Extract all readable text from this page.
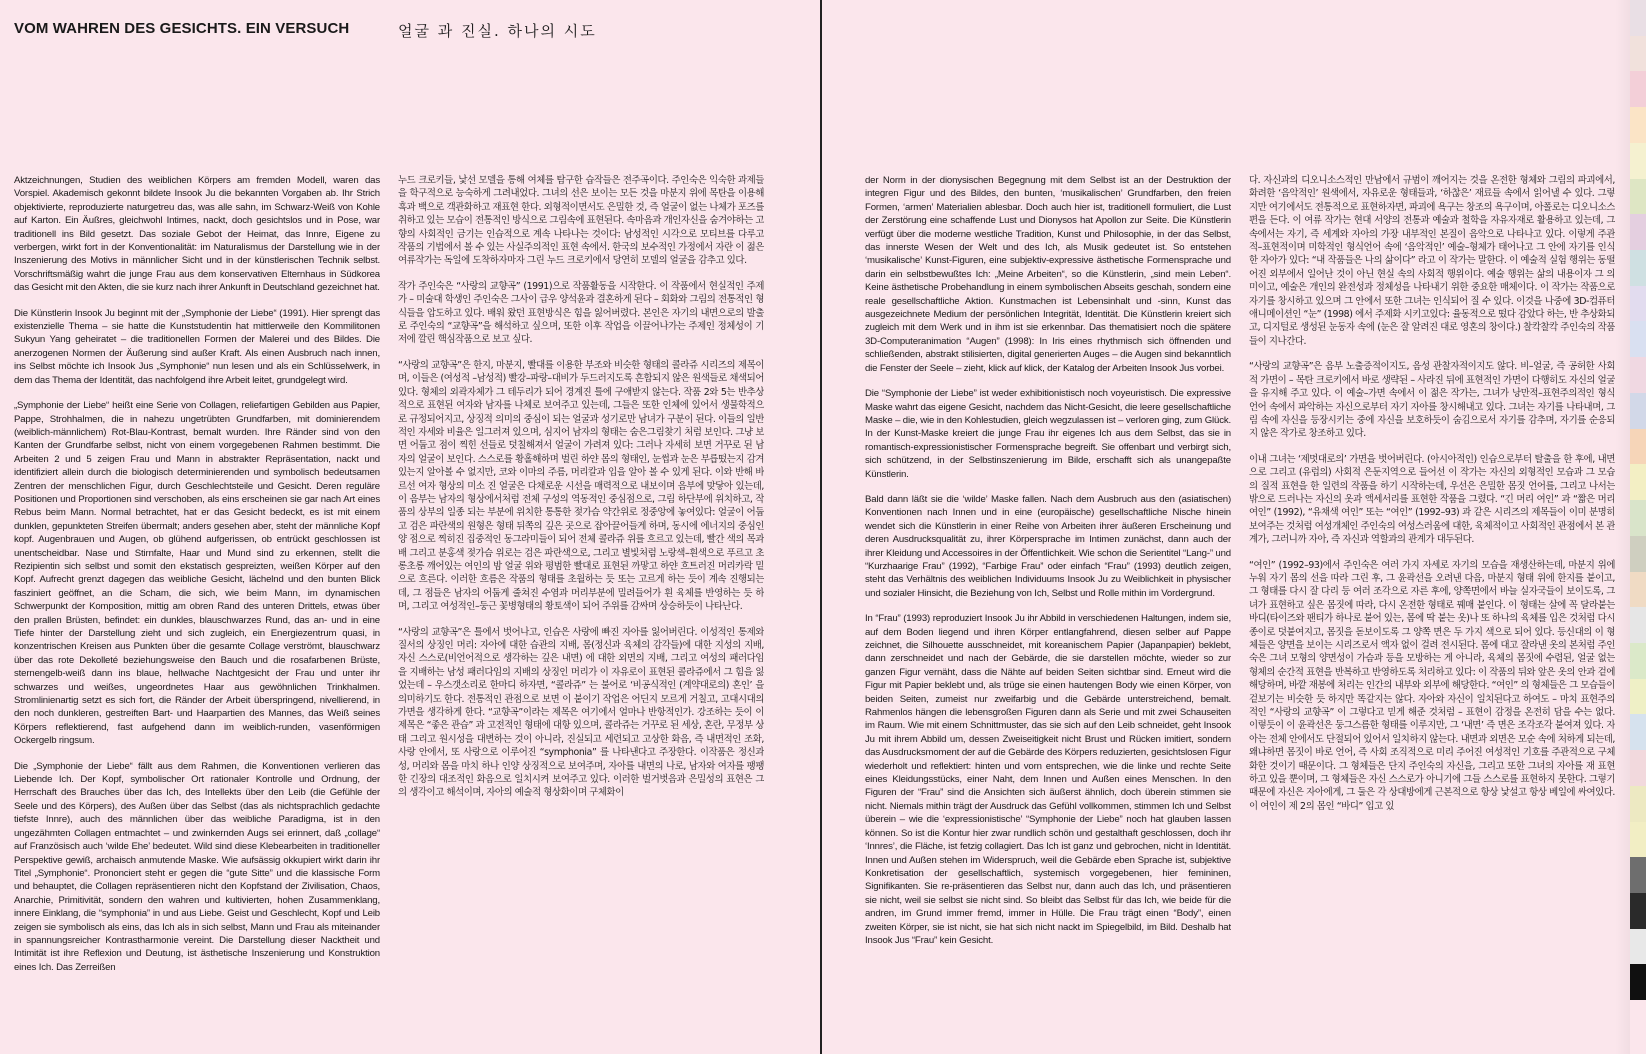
VOM WAHREN DES GESICHTS. EIN VERSUCH	얼굴 과 진실. 하나의 시도

Aktzeichnungen, Studien des weiblichen Körpers am fremden Modell, waren das Vorspiel. Akademisch gekonnt bildete Insook Ju die bekannten Vorgaben ab. Ihr Strich objektivierte, reproduzierte naturgetreu das, was alle sahn, im Schwarz-Weiß von Kohle auf Karton. Ein Äußres, gleichwohl Intimes, nackt, doch gesichtslos und in Pose, war traditionell ins Bild gesetzt. Das soziale Gebot der Heimat, das Innre, Eigene zu verbergen, wirkt fort in der Konventionalität: im Naturalismus der Darstellung wie in der Inszenierung des Motivs in männlicher Sicht und in der künstlerischen Technik selbst. Vorschriftsmäßig wahrt die junge Frau aus dem konservativen Elternhaus in Südkorea das Gesicht mit den Akten, die sie kurz nach ihrer Ankunft in Deutschland gezeichnet hat.

Die Künstlerin Insook Ju beginnt mit der „Symphonie der Liebe“ (1991). Hier sprengt das existenzielle Thema – sie hatte die Kunststudentin hat mittlerweile den Kommilitonen Sukyun Yang geheiratet – die traditionellen Formen der Malerei und des Bildes. Die anerzogenen Normen der Äußerung sind außer Kraft. Als einen Ausbruch nach innen, ins Selbst möchte ich Insook Jus „Symphonie“ nun lesen und als ein Schlüsselwerk, in dem das Thema der Identität, das nachfolgend ihre Arbeit leitet, grundgelegt wird.

„Symphonie der Liebe“ heißt eine Serie von Collagen, reliefartigen Gebilden aus Papier, Pappe, Strohhalmen, die in nahezu ungetrübten Grundfarben, mit dominierendem (weiblich-männlichem) Rot-Blau-Kontrast, bemalt wurden. Ihre Ränder sind von den Kanten der Grundfarbe selbst, nicht von einem vorgegebenen Rahmen bestimmt. Die Arbeiten 2 und 5 zeigen Frau und Mann in abstrakter Repräsentation, nackt und identifiziert allein durch die biologisch determinierenden und symbolisch bedeutsamen Zentren der menschlichen Figur, durch Geschlechtsteile und Gesicht. Deren reguläre Positionen und Proportionen sind verschoben, als eins erscheinen sie gar nach Art eines Rebus beim Mann. Normal betrachtet, hat er das Gesicht bedeckt, es ist mit einem dunklen, gepunkteten Streifen übermalt; anders gesehen aber, steht der männliche Kopf kopf. Augenbrauen und Augen, ob glühend aufgerissen, ob entrückt geschlossen ist unentscheidbar. Nase und Stirnfalte, Haar und Mund sind zu erkennen, stellt die Rezipientin sich selbst und somit den ekstatisch gespreizten, weißen Körper auf den Kopf. Aufrecht grenzt dagegen das weibliche Gesicht, lächelnd und den bunten Blick fasziniert geöffnet, an die Scham, die sich, wie beim Mann, im dynamischen Schwerpunkt der Komposition, mittig am obren Rand des unteren Drittels, etwas über den prallen Brüsten, befindet: ein dunkles, blauschwarzes Rund, das an- und in eine Tiefe hinter der Darstellung zieht und sich zugleich, ein Energiezentrum quasi, in konzentrischen Kreisen aus Punkten über die gesamte Collage verströmt, blauschwarz über das rote Dekolleté beziehungsweise den Bauch und die rosafarbenen Brüste, sternengelb-weiß dann ins blaue, hellwache Nachtgesicht der Frau und unter ihr schwarzes und weißes, ungeordnetes Haar aus gewöhnlichen Trinkhalmen. Stromlinienartig setzt es sich fort, die Ränder der Arbeit überspringend, nivellierend, in den noch dunkleren, gestreiften Bart- und Haarpartien des Mannes, das Weiß seines Körpers reflektierend, fast aufgehend dann im weiblich-runden, vasenförmigen Ockergelb ringsum.

Die „Symphonie der Liebe“ fällt aus dem Rahmen, die Konventionen verlieren das Liebende Ich. Der Kopf, symbolischer Ort rationaler Kontrolle und Ordnung, der Herrschaft des Brauches über das Ich, des Intellekts über den Leib (die Gefühle der Seele und des Körpers), des Außen über das Selbst (das als nichtsprachlich gedachte tiefste Innre), auch des männlichen über das weibliche Paradigma, ist in den ungezähmten Collagen entmachtet – und zwinkernden Augs sei erinnert, daß „collage“ auf Französisch auch ‘wilde Ehe’ bedeutet. Wild sind diese Klebearbeiten in traditioneller Perspektive gewiß, archaisch anmutende Maske. Wie aufsässig okkupiert wirkt darin ihr Titel „Symphonie“. Prononciert steht er gegen die “gute Sitte” und die klassische Form und behauptet, die Collagen repräsentieren nicht den Kopfstand der Zivilisation, Chaos, Anarchie, Primitivität, sondern den wahren und kultivierten, hohen Zusammenklang, innere Einklang, die “symphonia” in und aus Liebe. Geist und Geschlecht, Kopf und Leib zeigen sie symbolisch als eins, das Ich als in sich selbst, Mann und Frau als miteinander in spannungsreicher Kontrastharmonie vereint. Die Darstellung dieser Nacktheit und Intimität ist ihre Reflexion und Deutung, ist ästhetische Inszenierung und Konstruktion eines Ich. Das Zerreißen

누드 크로키들, 낯선 모델을 통해 여체를 탐구한 습작들은 전주곡이다. 주인숙은 익숙한 과제들을 학구적으로 능숙하게 그려내었다. 그녀의 선은 보이는 모든 것을 마분지 위에 목탄을 이용해 흑과 백으로 객관화하고 재표현 한다. 외형적이면서도 은밀한 것, 즉 얼굴이 없는 나체가 포즈를 취하고 있는 모습이 전통적인 방식으로 그림속에 표현된다. 속마음과 개인자신을 숨겨야하는 고향의 사회적인 금기는 인습적으로 계속 나타나는 것이다: 남성적인 시각으로 모티브를 다루고 작품의 기법에서 볼 수 있는 사실주의적인 표현 속에서. 한국의 보수적인 가정에서 자란 이 젊은 여류작가는 독일에 도착하자마자 그린 누드 크로키에서 당연히 모델의 얼굴을 감추고 있다.

작가 주인숙은 “사랑의 교향곡” (1991)으로 작품활동을 시작한다. 이 작품에서 현실적인 주제가 – 미술대 학생인 주인숙은 그사이 급우 양석윤과 결혼하게 된다 – 회화와 그림의 전통적인 형식들을 압도하고 있다. 배워 왔던 표현방식은 힘을 잃어버렸다. 본인은 자기의 내면으로의 발출로 주인숙의 “교향곡”을 해석하고 싶으며, 또한 이후 작업을 이끌어나가는 주제인 정체성이 기저에 깔린 핵심작품으로 보고 싶다.

“사랑의 교향곡”은 한지, 마분지, 빨대를 이용한 부조와 비슷한 형태의 콜라쥬 시리즈의 제목이며, 이들은 (여성적 –남성적) 빨강–파랑–대비가 두드러지도록 흔합되지 않은 원색들로 채색되어 있다. 형체의 외곽자체가 그 테두리가 되어 경계진 틀에 구애받지 않는다. 작품 2와 5는 반추상적으로 표현된 여자와 남자를 나체로 보여주고 있는데, 그들은 또한 인체에 있어서 생물학적으로 규정되어지고, 상징적 의미의 중심이 되는 얼굴과 성기로만 남녀가 구분이 된다. 이들의 일반적인 자세와 비율은 일그러져 있으며, 심지어 남자의 형태는 숨은그림찾기 처럼 보인다. 그냥 보면 어둡고 점이 찍힌 선들로 덧칠해져서 얼굴이 가려져 있다: 그러나 자세히 보면 거꾸로 된 남자의 얼굴이 보인다. 스스로를 황홀해하며 벌린 하얀 몸의 형태인, 눈썹과 눈은 부릅떴는지 감겨있는지 알아볼 수 없지만, 코와 이마의 주름, 머리칼과 입을 알아 볼 수 있게 된다. 이와 반해 바르선 여자 형상의 미소 진 얼굴은 다채로운 시선을 매력적으로 내보이며 음부에 맞닿아 있는데, 이 음부는 남자의 형상에서처럼 전체 구성의 역동적인 중심점으로, 그림 하단부에 위치하고, 작품의 상부의 일종 되는 부분에 위치한 통통한 젖가슴 약간위로 정중앙에 놓여있다: 얼굴이 어둡고 검은 파란색의 원형은 형태 뒤쪽의 깊은 곳으로 잡아끌어들게 하며, 동시에 에너지의 중심인양 점으로 찍히진 집중적인 동그라미들이 되어 전체 콜라쥬 위를 흐르고 있는데, 빨간 색의 목과 배 그리고 분홍색 젖가슴 위로는 검은 파란색으로, 그리고 별빛처럼 노랑색–흰색으로 푸르고 초롱초롱 깨어있는 여인의 밤 얼굴 위와 평범한 빨대로 표현된 까맣고 하얀 흐트러진 머리카락 밑으로 흐른다. 이러한 흐름은 작품의 형태를 초월하는 듯 또는 고르게 하는 듯이 계속 진행되는데, 그 점들은 남자의 어둡게 줄쳐진 수염과 머리부분에 밀려들어가 흰 육체를 반영하는 듯 하며, 그리고 여성적인–둥근 꽃병형태의 황토색이 되어 주위를 감싸며 상승하듯이 나타난다.

“사랑의 교향곡”은 틀에서 벗어나고, 인습은 사랑에 빠진 자아를 잃어버린다. 이성적인 통제와 질서의 상징인 머리: 자아에 대한 습관의 지배, 몸(정신과 육체의 감각들)에 대한 지성의 지배, 자신 스스로(비언어적으로 생각하는 깊은 내면) 에 대한 외면의 지배, 그리고 여성의 패러다임을 지배하는 남성 패러다임의 지배의 상징인 머리가 이 자유로이 표현된 콜라쥬에서 그 힘을 잃었는데 – 우스갯소리로 한마디 하자면, “콜라쥬” 는 불어로 ‘비공식적인 (계약대로의) 혼인’ 을 의미하기도 한다. 전통적인 관점으로 보면 이 붙이기 작업은 어딘지 모르게 거칠고, 고대시대의 가면을 생각하게 한다. “교향곡”이라는 제목은 여기에서 얼마나 반항적인가. 강조하는 듯이 이 제목은 “좋은 관습” 과 고전적인 형태에 대항 있으며, 콜라쥬는 거꾸로 된 세상, 혼란, 무정부 상태 그리고 원시성을 대변하는 것이 아니라, 진실되고 세련되고 고상한 화음, 즉 내면적인 조화, 사랑 안에서, 또 사랑으로 이루어진 “symphonia” 를 나타낸다고 주장한다. 이작품은 정신과 성, 머리와 몸을 마치 하나 인양 상징적으로 보여주며, 자아를 내면의 나로, 남자와 여자를 팽팽한 긴장의 대조적인 화음으로 일치시켜 보여주고 있다. 이러한 벌거벗음과 은밀성의 표현은 그의 생각이고 해석이며, 자아의 예술적 형상화이며 구체화이

der Norm in der dionysischen Begegnung mit dem Selbst ist an der Destruktion der integren Figur und des Bildes, den bunten, ‘musikalischen’ Grundfarben, den freien Formen, ‘armen’ Materialien ablesbar. Doch auch hier ist, traditionell formuliert, die Lust der Zerstörung eine schaffende Lust und Dionysos hat Apollon zur Seite. Die Künstlerin verfügt über die moderne westliche Tradition, Kunst und Philosophie, in der das Selbst, das innerste Wesen der Welt und des Ich, als Musik gedeutet ist. So entstehen ‘musikalische’ Kunst-Figuren, eine subjektiv-expressive ästhetische Formensprache und darin ein selbstbewußtes Ich: „Meine Arbeiten“, so die Künstlerin, „sind mein Leben“. Keine ästhetische Probehandlung in einem symbolischen Abseits geschah, sondern eine reale gesellschaftliche Aktion. Kunstmachen ist Lebensinhalt und -sinn, Kunst das ausgezeichnete Medium der persönlichen Integrität, Identität. Die Künstlerin kreiert sich zugleich mit dem Werk und in ihm ist sie erkennbar. Das thematisiert noch die spätere 3D-Computeranimation “Augen” (1998): In Iris eines rhythmisch sich öffnenden und schließenden, abstrakt stilisierten, digital generierten Auges – die Augen sind bekanntlich die Fenster der Seele – zieht, klick auf klick, der Katalog der Arbeiten Insook Jus vorbei.

Die “Symphonie der Liebe” ist weder exhibitionistisch noch voyeuristisch. Die expressive Maske wahrt das eigene Gesicht, nachdem das Nicht-Gesicht, die leere gesellschaftliche Maske – die, wie in den Kohlestudien, gleich wegzulassen ist – verloren ging, zum Glück. In der Kunst-Maske kreiert die junge Frau ihr eigenes Ich aus dem Selbst, das sie in romantisch-expressionistischer Formensprache begreift. Sie offenbart und verbirgt sich, sich schützend, in der Selbstinszenierung im Bilde, erschafft sich als unangepaßte Künstlerin.

Bald dann läßt sie die ‘wilde’ Maske fallen. Nach dem Ausbruch aus den (asiatischen) Konventionen nach Innen und in eine (europäische) gesellschaftliche Nische hinein wendet sich die Künstlerin in einer Reihe von Arbeiten ihrer äußeren Erscheinung und deren Ausdrucksqualität zu, ihrer Körpersprache im Intimen zunächst, dann auch der ihrer Kleidung und Accessoires in der Öffentlichkeit. Wie schon die Serientitel “Lang-” und “Kurzhaarige Frau” (1992), “Farbige Frau” oder einfach “Frau” (1993) deutlich zeigen, steht das Verhältnis des weiblichen Individuums Insook Ju zu Weiblichkeit in physischer und sozialer Hinsicht, die Beziehung von Ich, Selbst und Rolle mithin im Vordergrund.

In “Frau” (1993) reproduziert Insook Ju ihr Abbild in verschiedenen Haltungen, indem sie, auf dem Boden liegend und ihren Körper entlangfahrend, diesen selber auf Pappe zeichnet, die Silhouette ausschneidet, mit koreanischem Papier (Japanpapier) beklebt, dann zerschneidet und nach der Gebärde, die sie darstellen möchte, wieder so zur ganzen Figur vernäht, dass die Nähte auf beiden Seiten sichtbar sind. Erneut wird die Figur mit Papier beklebt und, als trüge sie einen hautengen Body wie einen Körper, von beiden Seiten, zumeist nur zweifarbig und die Gebärde unterstreichend, bemalt. Rahmenlos hängen die lebensgroßen Figuren dann als Serie und mit zwei Schauseiten im Raum. Wie mit einem Schnittmuster, das sie sich auf den Leib schneidet, geht Insook Ju mit ihrem Abbild um, dessen Zweiseitigkeit nicht Brust und Rücken imitiert, sondern das Ausdrucksmoment der auf die Gebärde des Körpers reduzierten, gesichtslosen Figur wiederholt und reflektiert: hinten und vorn entsprechen, wie die linke und rechte Seite eines Kleidungsstücks, einer Naht, dem Innen und Außen eines Menschen. In den Figuren der “Frau” sind die Ansichten sich äußerst ähnlich, doch überein stimmen sie nicht. Niemals mithin trägt der Ausdruck das Gefühl vollkommen, stimmen Ich und Selbst überein – wie die ‘expressionistische’ “Symphonie der Liebe” noch hat glauben lassen können. So ist die Kontur hier zwar rundlich schön und gestalthaft geschlossen, doch ihr ‘Innres’, die Fläche, ist fetzig collagiert. Das Ich ist ganz und gebrochen, nicht in Identität. Innen und Außen stehen im Widerspruch, weil die Gebärde eben Sprache ist, subjektive Konkretisation der gesellschaftlich, systemisch vorgegebenen, hier femininen, Signifikanten. Sie re-präsentieren das Selbst nur, dann auch das Ich, und präsentieren sie nicht, weil sie selbst sie nicht sind. So bleibt das Selbst für das Ich, wie beide für die andren, im Grund immer fremd, immer in Hülle. Die Frau trägt einen “Body”, einen zweiten Körper, sie ist nicht, sie hat sich nicht nackt im Spiegelbild, im Bild. Deshalb hat Insook Jus “Frau” kein Gesicht.

다. 자신과의 디오니소스적인 만남에서 규범이 깨어지는 것을 온전한 형체와 그림의 파괴에서, 화려한 ‘음악적인’ 원색에서, 자유로운 형태들과, ‘하찮은’ 재료들 속에서 읽어낼 수 있다. 그렇지만 여기에서도 전통적으로 표현하자면, 파괴에 욕구는 창조의 욕구이며, 아폴로는 디오니소스 편을 든다. 이 여류 작가는 현대 서양의 전통과 예술과 철학을 자유자재로 활용하고 있는데, 그 속에서는 자기, 즉 세계와 자아의 가장 내부적인 본질이 음악으로 나타나고 있다. 이렇게 주관적–표현적이며 미학적인 형식언어 속에 ‘음악적인’ 예술–형체가 태어나고 그 안에 자기를 인식한 자아가 있다: “내 작품들은 나의 삶이다” 라고 이 작가는 말한다. 이 예술적 실험 행위는 동떨어진 외부에서 일어난 것이 아닌 현실 속의 사회적 행위이다. 예술 행위는 삶의 내용이자 그 의미이고, 예술은 개인의 완전성과 정체성을 나타내기 위한 중요한 매체이다. 이 작가는 작품으로 자기를 창시하고 있으며 그 안에서 또한 그녀는 인식되어 질 수 있다. 이것을 나중에 3D-컴퓨터 애니메이션인 “눈” (1998) 에서 주제화 시키고있다: 율동적으로 떴다 감았다 하는, 반 추상화되고, 디지털로 생성된 눈동자 속에 (눈은 잘 알려진 대로 영혼의 창이다.) 찰칵찰칵 주인숙의 작품들이 지나간다.

“사랑의 교향곡”은 음부 노출증적이지도, 음성 관찰자적이지도 않다. 비–얼굴, 즉 공허한 사회적 가면이 – 목탄 크로키에서 바로 생략된 – 사라진 뒤에 표현적인 가면이 다행히도 자신의 얼굴을 유지해 주고 있다. 이 예술–가면 속에서 이 젊은 작가는, 그녀가 낭만적–표현주의적인 형식 언어 속에서 파악하는 자신으로부터 자기 자아를 창시해내고 있다. 그녀는 자기를 나타내며, 그림 속에 자신을 등장시키는 중에 자신을 보호하듯이 숨김으로서 자기를 감추며, 자기를 순응되지 않은 작가로 창조하고 있다.

이내 그녀는 ‘제멋대로의’ 가면을 벗어버린다. (아시아적인) 인습으로부터 탈출을 한 후에, 내면으로 그리고 (유럽의) 사회적 은둔지역으로 들어선 이 작가는 자신의 외형적인 모습과 그 모습의 질적 표현을 한 일련의 작품을 하기 시작하는데, 우선은 은밀한 몸짓 언어를, 그리고 나서는 밖으로 드러나는 자신의 옷과 액세서리를 표현한 작품을 그렸다. “긴 머리 여인” 과 “짧은 머리 여인” (1992), “유채색 여인” 또는 “여인” (1992–93) 과 같은 시리즈의 제목들이 이미 분명히 보여주는 것처럼 여성개체인 주인숙의 여성스러움에 대한, 육체적이고 사회적인 관점에서 본 관계가, 그러니까 자아, 즉 자신과 역할과의 관계가 대두된다.

“여인” (1992–93)에서 주인숙은 여러 가지 자세로 자기의 모습을 재생산하는데, 마분지 위에 누워 자기 몸의 선을 따라 그린 후, 그 윤곽선을 오려낸 다음, 마분지 형태 위에 한지를 붙이고, 그 형태를 다시 잘 다리 등 여러 조각으로 자른 후에, 양쪽면에서 바늘 실자국들이 보이도록, 그녀가 표현하고 싶은 몸짓에 따라, 다시 온전한 형태로 꿰매 붙인다. 이 형태는 살에 꼭 달라붙는 바디(타이즈와 팬티가 하나로 붙어 있는, 몸에 딱 붙는 옷)나 또 하나의 육체를 입은 것처럼 다시 종이로 덧붙여지고, 몸짓을 돋보이도록 그 양쪽 면은 두 가지 색으로 되어 있다. 등신대의 이 형체들은 양면을 보이는 시리즈로서 액자 없이 걸려 전시된다. 몸에 대고 잘라낸 옷의 본처럼 주인숙은 그녀 모형의 양면성이 가슴과 등을 모방하는 게 아니라, 육체의 몸짓에 수렴된, 얼굴 없는 형체의 순간적 표현을 반복하고 반영하도록 처리하고 있다: 이 작품의 뒤와 앞은 옷의 안과 겉에 해당하며, 바깥 재봉에 처리는 인간의 내부와 외부에 해당한다. “여인” 의 형체들은 그 모습들이 겉보기는 비슷한 듯 하지만 똑같지는 않다. 자아와 자신이 일치된다고 하여도 – 마치 표현주의적인 “사랑의 교향곡” 이 그렇다고 믿게 해준 것처럼 – 표현이 감정을 온전히 담을 수는 없다. 이렇듯이 이 윤곽선은 둥그스름한 형태를 이루지만, 그 ‘내면’ 즉 면은 조각조각 붙여져 있다. 자아는 전체 안에서도 단절되어 있어서 일치하지 않는다. 내면과 외면은 모순 속에 처하게 되는데, 왜냐하면 몸짓이 바로 언어, 즉 사회 조직적으로 미리 주어진 여성적인 기호를 주관적으로 구체화한 것이기 때문이다. 그 형체들은 단지 주인숙의 자신을, 그리고 또한 그녀의 자아를 재 표현하고 있을 뿐이며, 그 형체들은 자신 스스로가 아니기에 그들 스스로를 표현하지 못한다. 그렇기 때문에 자신은 자아에게, 그 둘은 각 상대방에게 근본적으로 항상 낯설고 항상 베일에 싸여있다. 이 여인이 제 2의 몸인 “바디” 입고 있
